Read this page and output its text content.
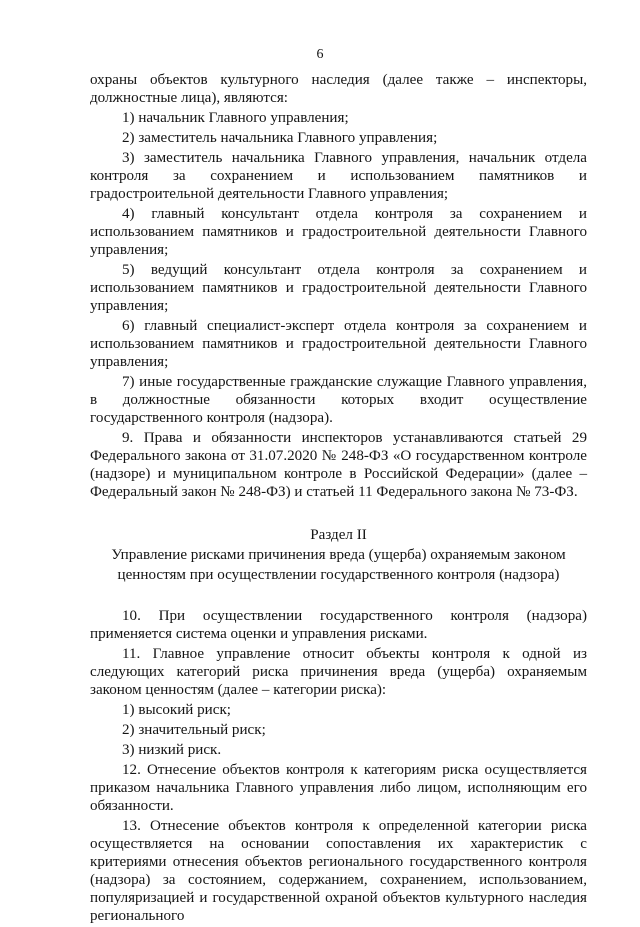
6

охраны объектов культурного наследия (далее также – инспекторы, должностные лица), являются:

1) начальник Главного управления;

2) заместитель начальника Главного управления;

3) заместитель начальника Главного управления, начальник отдела контроля за сохранением и использованием памятников и градостроительной деятельности Главного управления;

4) главный консультант отдела контроля за сохранением и использованием памятников и градостроительной деятельности Главного управления;

5) ведущий консультант отдела контроля за сохранением и использованием памятников и градостроительной деятельности Главного управления;

6) главный специалист-эксперт отдела контроля за сохранением и использованием памятников и градостроительной деятельности Главного управления;

7) иные государственные гражданские служащие Главного управления, в должностные обязанности которых входит осуществление государственного контроля (надзора).

9. Права и обязанности инспекторов устанавливаются статьей 29 Федерального закона от 31.07.2020 № 248-ФЗ «О государственном контроле (надзоре) и муниципальном контроле в Российской Федерации» (далее – Федеральный закон № 248-ФЗ) и статьей 11 Федерального закона № 73-ФЗ.

Раздел II
Управление рисками причинения вреда (ущерба) охраняемым законом
ценностям при осуществлении государственного контроля (надзора)

10. При осуществлении государственного контроля (надзора) применяется система оценки и управления рисками.

11. Главное управление относит объекты контроля к одной из следующих категорий риска причинения вреда (ущерба) охраняемым законом ценностям (далее – категории риска):

1) высокий риск;

2) значительный риск;

3) низкий риск.

12. Отнесение объектов контроля к категориям риска осуществляется приказом начальника Главного управления либо лицом, исполняющим его обязанности.

13. Отнесение объектов контроля к определенной категории риска осуществляется на основании сопоставления их характеристик с критериями отнесения объектов регионального государственного контроля (надзора) за состоянием, содержанием, сохранением, использованием, популяризацией и государственной охраной объектов культурного наследия регионального
